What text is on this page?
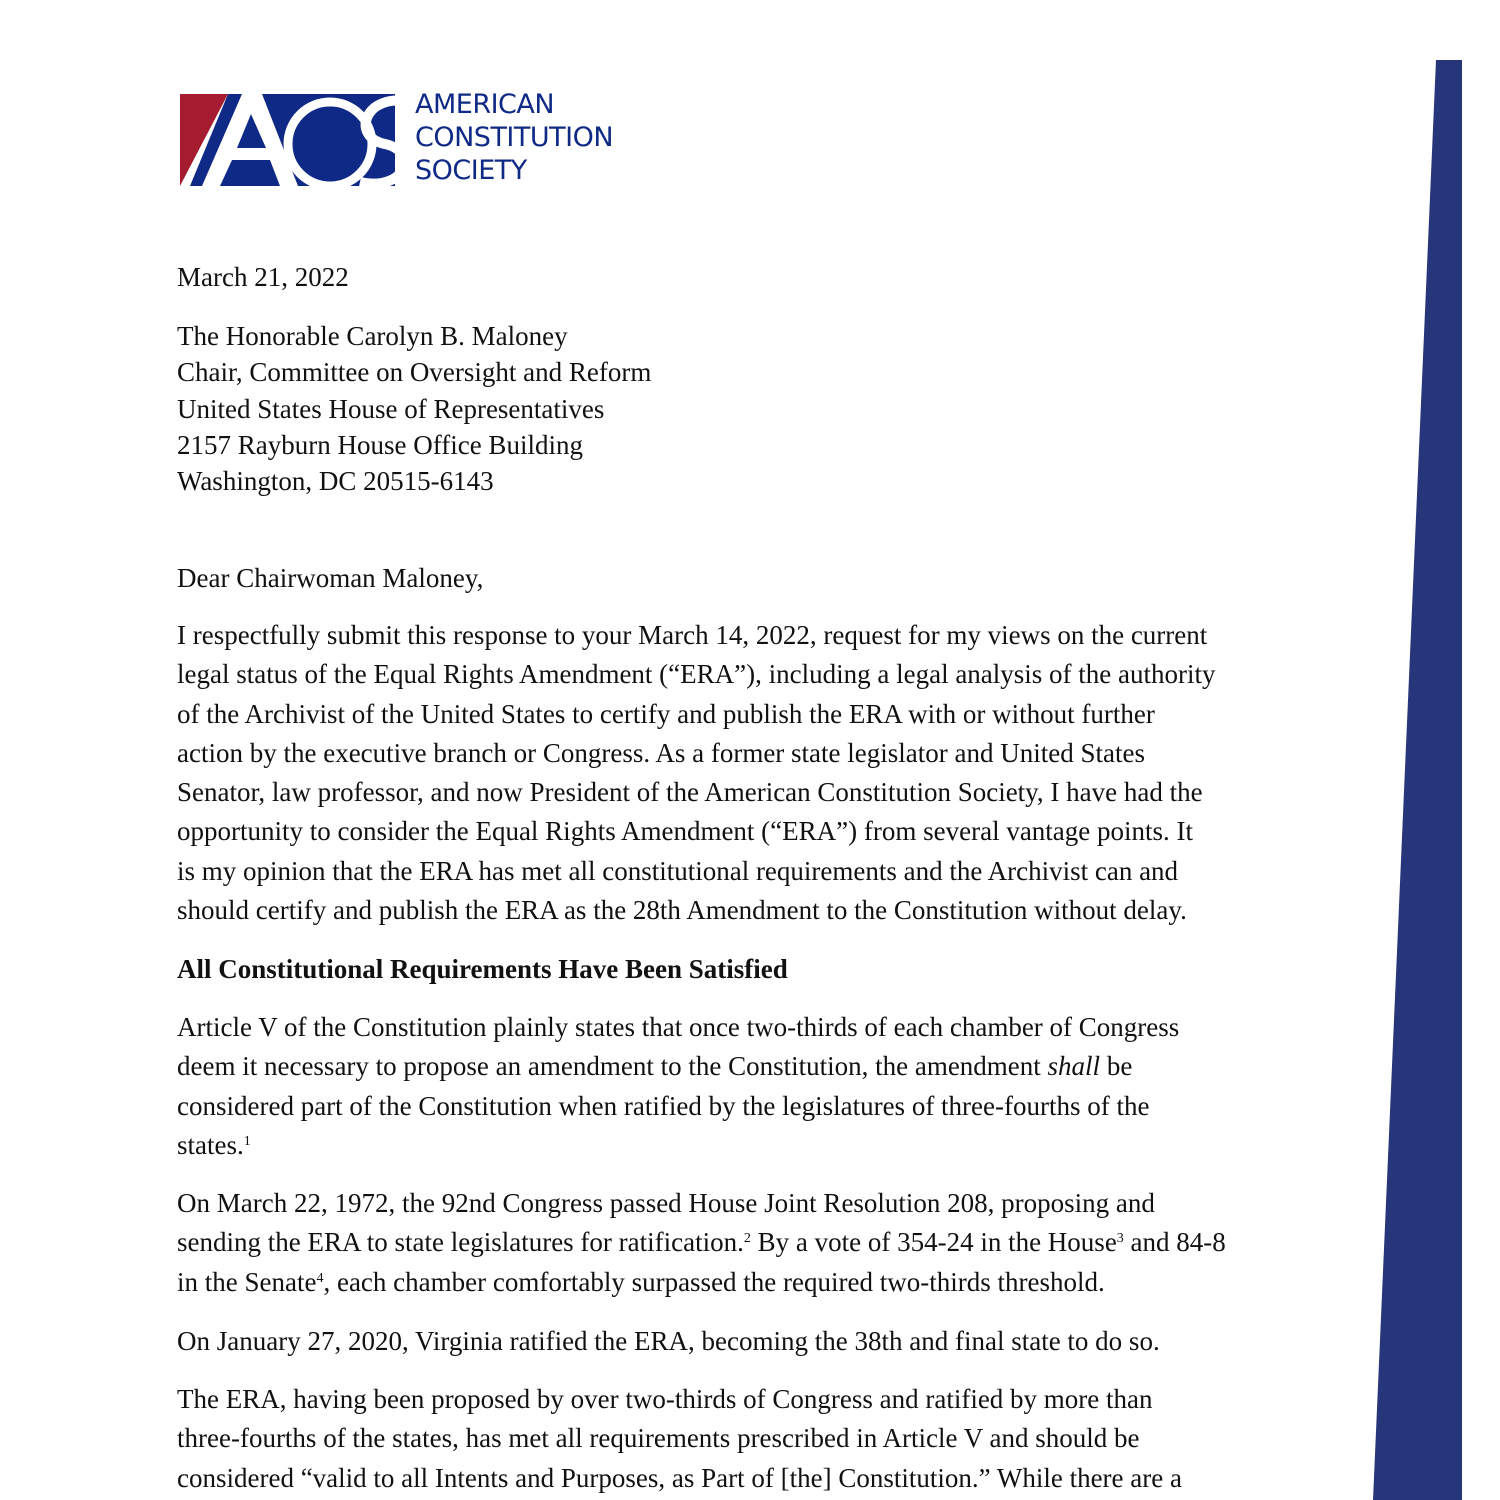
AMERICAN
CONSTITUTION
SOCIETY
March 21, 2022
The Honorable Carolyn B. Maloney
Chair, Committee on Oversight and Reform
United States House of Representatives
2157 Rayburn House Office Building
Washington, DC 20515-6143
Dear Chairwoman Maloney,
I respectfully submit this response to your March 14, 2022, request for my views on the current
legal status of the Equal Rights Amendment (“ERA”), including a legal analysis of the authority
of the Archivist of the United States to certify and publish the ERA with or without further
action by the executive branch or Congress. As a former state legislator and United States
Senator, law professor, and now President of the American Constitution Society, I have had the
opportunity to consider the Equal Rights Amendment (“ERA”) from several vantage points. It
is my opinion that the ERA has met all constitutional requirements and the Archivist can and
should certify and publish the ERA as the 28th Amendment to the Constitution without delay.
All Constitutional Requirements Have Been Satisfied
Article V of the Constitution plainly states that once two-thirds of each chamber of Congress
deem it necessary to propose an amendment to the Constitution, the amendment shall be
considered part of the Constitution when ratified by the legislatures of three-fourths of the
states.$^1$
On March 22, 1972, the 92nd Congress passed House Joint Resolution 208, proposing and
sending the ERA to state legislatures for ratification.$^2$ By a vote of 354-24 in the House$^3$ and 84-8
in the Senate$^4$, each chamber comfortably surpassed the required two-thirds threshold.
On January 27, 2020, Virginia ratified the ERA, becoming the 38th and final state to do so.
The ERA, having been proposed by over two-thirds of Congress and ratified by more than
three-fourths of the states, has met all requirements prescribed in Article V and should be
considered “valid to all Intents and Purposes, as Part of [the] Constitution.” While there are a
